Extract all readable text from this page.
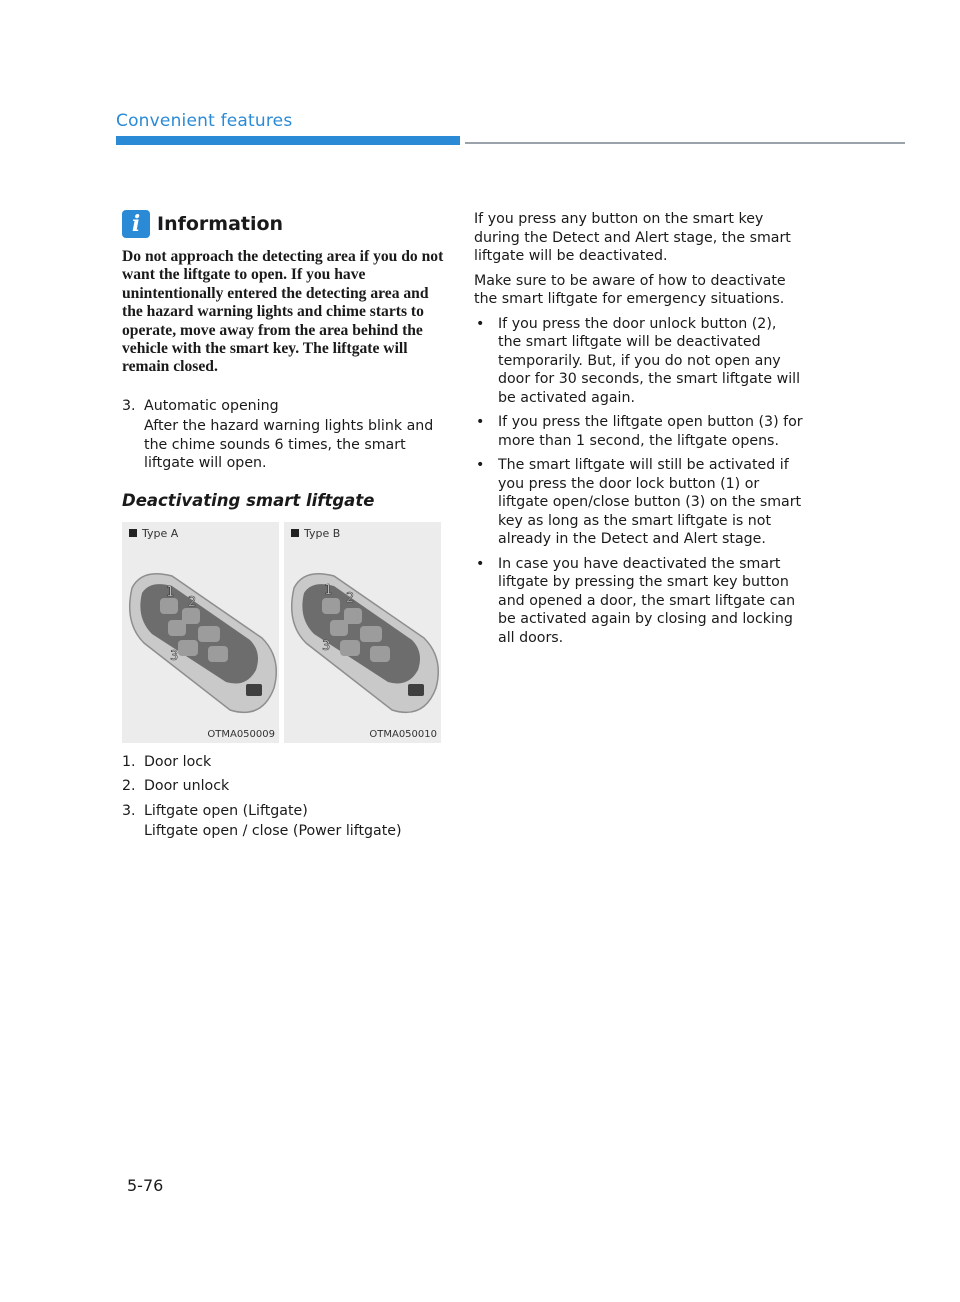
Convenient features
i Information

Do not approach the detecting area if you do not want the liftgate to open. If you have unintentionally entered the detecting area and the hazard warning lights and chime starts to operate, move away from the area behind the vehicle with the smart key. The liftgate will remain closed.

3. Automatic opening
After the hazard warning lights blink and the chime sounds 6 times, the smart liftgate will open.
Deactivating smart liftgate
Type A
1
2
3
OTMA050009
Type B
1
2
3
OTMA050010
1. Door lock
2. Door unlock
3. Liftgate open (Liftgate)
Liftgate open / close (Power liftgate)

If you press any button on the smart key during the Detect and Alert stage, the smart liftgate will be deactivated.

Make sure to be aware of how to deactivate the smart liftgate for emergency situations.

• If you press the door unlock button (2), the smart liftgate will be deactivated temporarily. But, if you do not open any door for 30 seconds, the smart liftgate will be activated again.
• If you press the liftgate open button (3) for more than 1 second, the liftgate opens.
• The smart liftgate will still be activated if you press the door lock button (1) or liftgate open/close button (3) on the smart key as long as the smart liftgate is not already in the Detect and Alert stage.
• In case you have deactivated the smart liftgate by pressing the smart key button and opened a door, the smart liftgate can be activated again by closing and locking all doors.
5-76
